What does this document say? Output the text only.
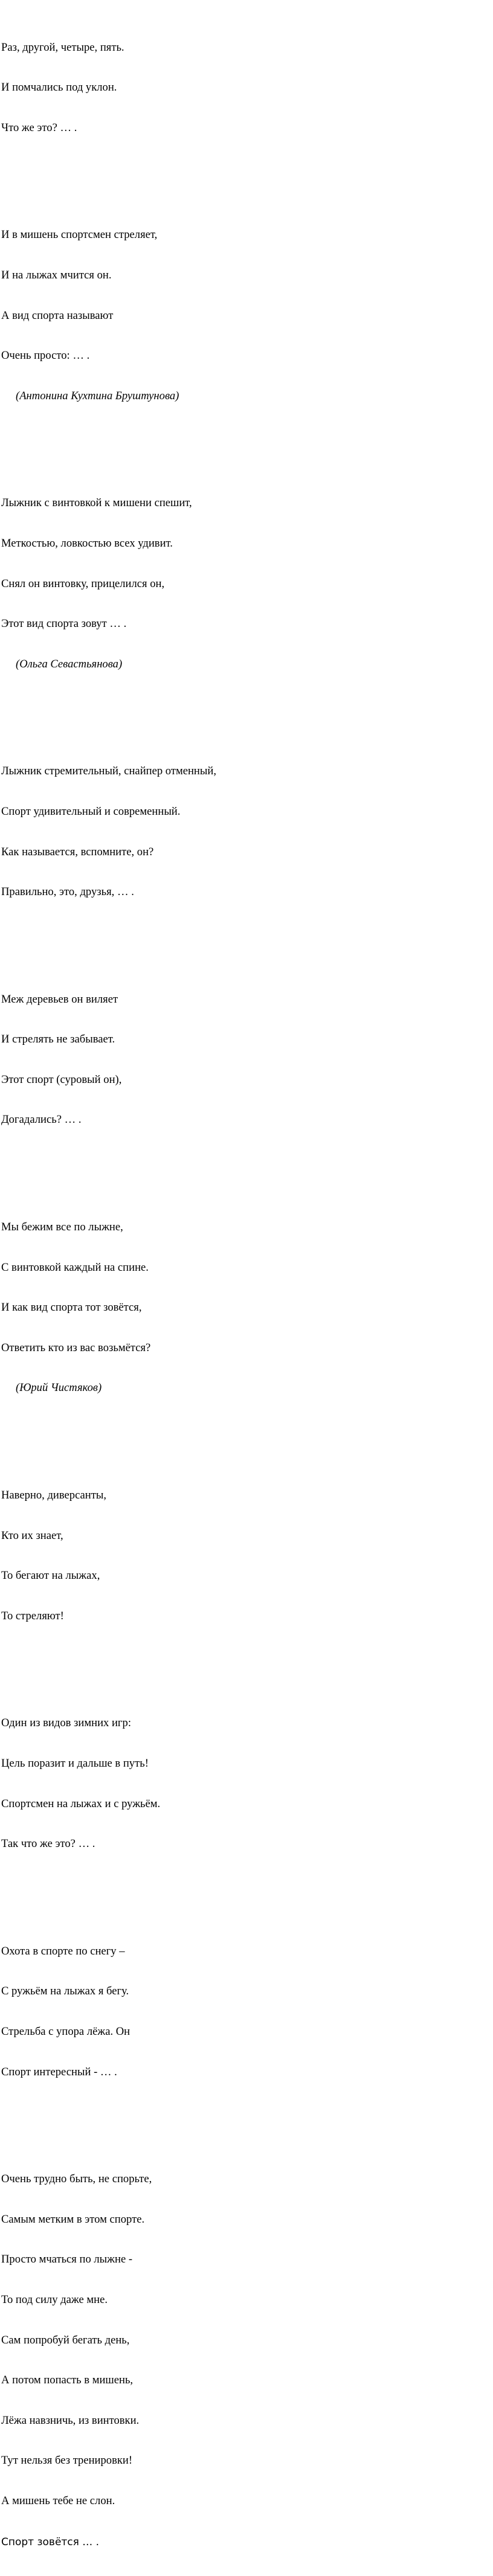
Раз, другой, четыре, пять.

И помчались под уклон.

Что же это? … .

И в мишень спортсмен стреляет,

И на лыжах мчится он.

А вид спорта называют

Очень просто: … .

(Антонина Кухтина Бруштунова)

Лыжник с винтовкой к мишени спешит,

Меткостью, ловкостью всех удивит.

Снял он винтовку, прицелился он,

Этот вид спорта зовут … .

(Ольга Севастьянова)

Лыжник стремительный, снайпер отменный,

Спорт удивительный и современный.

Как называется, вспомните, он?

Правильно, это, друзья, … .

Меж деревьев он виляет

И стрелять не забывает.

Этот спорт (суровый он),

Догадались? … .

Мы бежим все по лыжне,

С винтовкой каждый на спине.

И как вид спорта тот зовётся,

Ответить кто из вас возьмётся?

(Юрий Чистяков)

Наверно, диверсанты,

Кто их знает,

То бегают на лыжах,

То стреляют!

Один из видов зимних игр:

Цель поразит и дальше в путь!

Спортсмен на лыжах и с ружьём.

Так что же это? … .

Охота в спорте по снегу –

С ружьём на лыжах я бегу.

Стрельба с упора лёжа. Он

Спорт интересный - … .

Очень трудно быть, не спорьте,

Самым метким в этом спорте.

Просто мчаться по лыжне -

То под силу даже мне.

Сам попробуй бегать день,

А потом попасть в мишень,

Лёжа навзничь, из винтовки.

Тут нельзя без тренировки!

А мишень тебе не слон.

Спорт зовётся … .
